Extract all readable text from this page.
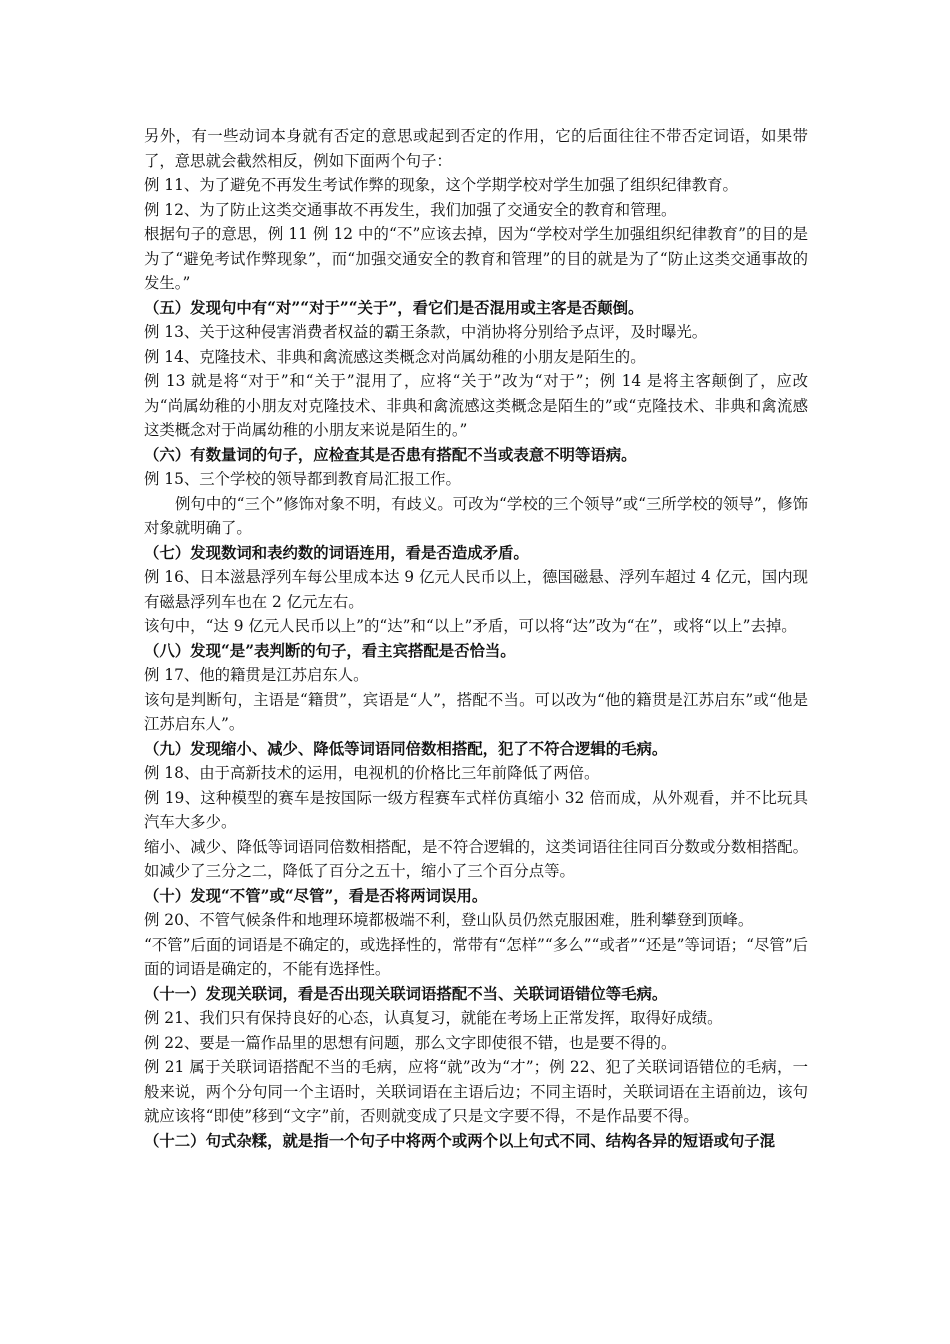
另外，有一些动词本身就有否定的意思或起到否定的作用，它的后面往往不带否定词语，如果带了，意思就会截然相反，例如下面两个句子：

例 11、为了避免不再发生考试作弊的现象，这个学期学校对学生加强了组织纪律教育。

例 12、为了防止这类交通事故不再发生，我们加强了交通安全的教育和管理。

根据句子的意思，例 11 例 12 中的“不”应该去掉，因为“学校对学生加强组织纪律教育”的目的是为了“避免考试作弊现象”，而“加强交通安全的教育和管理”的目的就是为了“防止这类交通事故的发生。”

（五）发现句中有“对”“对于”“关于”，看它们是否混用或主客是否颠倒。

例 13、关于这种侵害消费者权益的霸王条款，中消协将分别给予点评，及时曝光。

例 14、克隆技术、非典和禽流感这类概念对尚属幼稚的小朋友是陌生的。

例 13 就是将“对于”和“关于”混用了，应将“关于”改为“对于”；例 14 是将主客颠倒了，应改为“尚属幼稚的小朋友对克隆技术、非典和禽流感这类概念是陌生的”或“克隆技术、非典和禽流感这类概念对于尚属幼稚的小朋友来说是陌生的。”

（六）有数量词的句子，应检查其是否患有搭配不当或表意不明等语病。

例 15、三个学校的领导都到教育局汇报工作。

例句中的“三个”修饰对象不明，有歧义。可改为“学校的三个领导”或“三所学校的领导”，修饰对象就明确了。

（七）发现数词和表约数的词语连用，看是否造成矛盾。

例 16、日本滋悬浮列车每公里成本达 9 亿元人民币以上，德国磁悬、浮列车超过 4 亿元，国内现有磁悬浮列车也在 2 亿元左右。

该句中，“达 9 亿元人民币以上”的“达”和“以上”矛盾，可以将“达”改为“在”，或将“以上”去掉。

（八）发现“是”表判断的句子，看主宾搭配是否恰当。

例 17、他的籍贯是江苏启东人。

该句是判断句，主语是“籍贯”，宾语是“人”，搭配不当。可以改为“他的籍贯是江苏启东”或“他是江苏启东人”。

（九）发现缩小、减少、降低等词语同倍数相搭配，犯了不符合逻辑的毛病。

例 18、由于高新技术的运用，电视机的价格比三年前降低了两倍。

例 19、这种模型的赛车是按国际一级方程赛车式样仿真缩小 32 倍而成，从外观看，并不比玩具汽车大多少。

缩小、减少、降低等词语同倍数相搭配，是不符合逻辑的，这类词语往往同百分数或分数相搭配。如减少了三分之二，降低了百分之五十，缩小了三个百分点等。

（十）发现“不管”或“尽管”，看是否将两词误用。

例 20、不管气候条件和地理环境都极端不利，登山队员仍然克服困难，胜利攀登到顶峰。

“不管”后面的词语是不确定的，或选择性的，常带有“怎样”“多么”“或者”“还是”等词语；“尽管”后面的词语是确定的，不能有选择性。

（十一）发现关联词，看是否出现关联词语搭配不当、关联词语错位等毛病。

例 21、我们只有保持良好的心态，认真复习，就能在考场上正常发挥，取得好成绩。

例 22、要是一篇作品里的思想有问题，那么文字即使很不错，也是要不得的。

例 21 属于关联词语搭配不当的毛病，应将“就”改为“才”；例 22、犯了关联词语错位的毛病，一般来说，两个分句同一个主语时，关联词语在主语后边；不同主语时，关联词语在主语前边，该句就应该将“即使”移到“文字”前，否则就变成了只是文字要不得，不是作品要不得。

（十二）句式杂糅，就是指一个句子中将两个或两个以上句式不同、结构各异的短语或句子混
